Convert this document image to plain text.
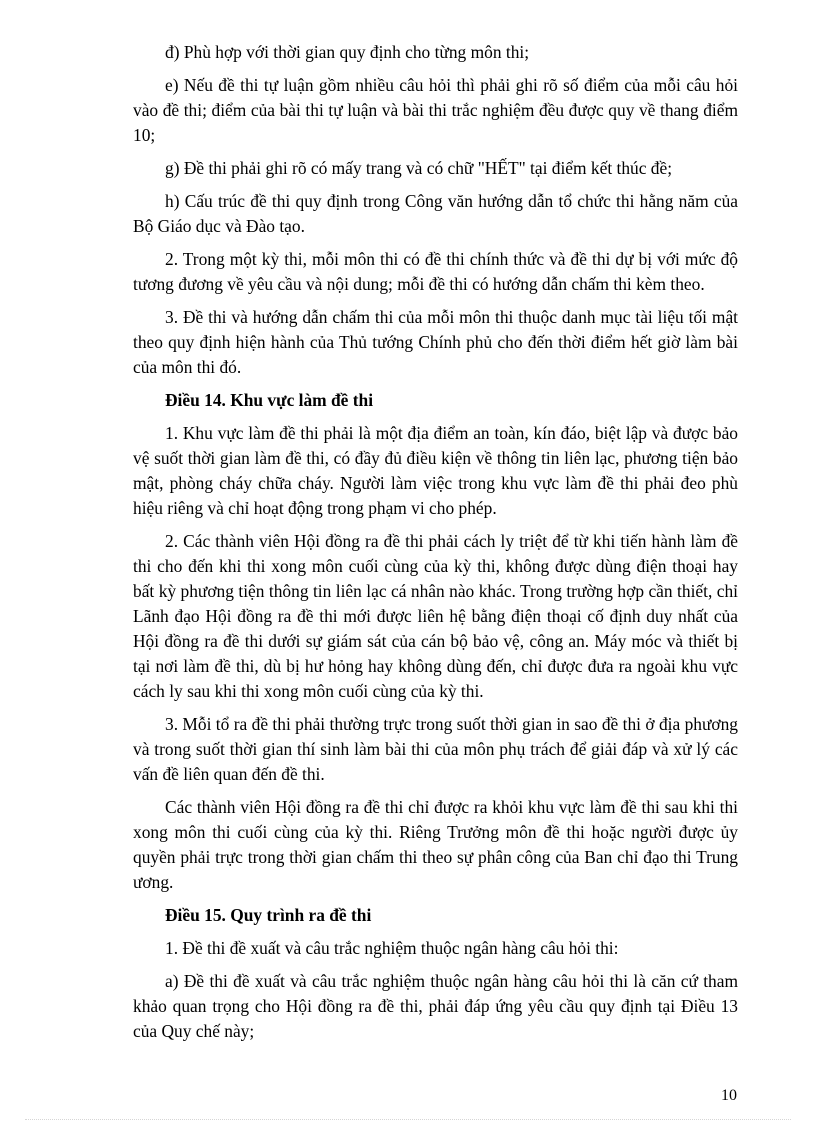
đ) Phù hợp với thời gian quy định cho từng môn thi;

e) Nếu đề thi tự luận gồm nhiều câu hỏi thì phải ghi rõ số điểm của mỗi câu hỏi vào đề thi; điểm của bài thi tự luận và bài thi trắc nghiệm đều được quy về thang điểm 10;

g) Đề thi phải ghi rõ có mấy trang và có chữ "HẾT" tại điểm kết thúc đề;

h) Cấu trúc đề thi quy định trong Công văn hướng dẫn tổ chức thi hằng năm của Bộ Giáo dục và Đào tạo.

2. Trong một kỳ thi, mỗi môn thi có đề thi chính thức và đề thi dự bị với mức độ tương đương về yêu cầu và nội dung; mỗi đề thi có hướng dẫn chấm thi kèm theo.

3. Đề thi và hướng dẫn chấm thi của mỗi môn thi thuộc danh mục tài liệu tối mật theo quy định hiện hành của Thủ tướng Chính phủ cho đến thời điểm hết giờ làm bài của môn thi đó.

Điều 14. Khu vực làm đề thi

1. Khu vực làm đề thi phải là một địa điểm an toàn, kín đáo, biệt lập và được bảo vệ suốt thời gian làm đề thi, có đầy đủ điều kiện về thông tin liên lạc, phương tiện bảo mật, phòng cháy chữa cháy. Người làm việc trong khu vực làm đề thi phải đeo phù hiệu riêng và chỉ hoạt động trong phạm vi cho phép.

2. Các thành viên Hội đồng ra đề thi phải cách ly triệt để từ khi tiến hành làm đề thi cho đến khi thi xong môn cuối cùng của kỳ thi, không được dùng điện thoại hay bất kỳ phương tiện thông tin liên lạc cá nhân nào khác. Trong trường hợp cần thiết, chỉ Lãnh đạo Hội đồng ra đề thi mới được liên hệ bằng điện thoại cố định duy nhất của Hội đồng ra đề thi dưới sự giám sát của cán bộ bảo vệ, công an. Máy móc và thiết bị tại nơi làm đề thi, dù bị hư hỏng hay không dùng đến, chỉ được đưa ra ngoài khu vực cách ly sau khi thi xong môn cuối cùng của kỳ thi.

3. Mỗi tổ ra đề thi phải thường trực trong suốt thời gian in sao đề thi ở địa phương và trong suốt thời gian thí sinh làm bài thi của môn phụ trách để giải đáp và xử lý các vấn đề liên quan đến đề thi.

Các thành viên Hội đồng ra đề thi chỉ được ra khỏi khu vực làm đề thi sau khi thi xong môn thi cuối cùng của kỳ thi. Riêng Trưởng môn đề thi hoặc người được ủy quyền phải trực trong thời gian chấm thi theo sự phân công của Ban chỉ đạo thi Trung ương.

Điều 15. Quy trình ra đề thi

1. Đề thi đề xuất và câu trắc nghiệm thuộc ngân hàng câu hỏi thi:

a) Đề thi đề xuất và câu trắc nghiệm thuộc ngân hàng câu hỏi thi là căn cứ tham khảo quan trọng cho Hội đồng ra đề thi, phải đáp ứng yêu cầu quy định tại Điều 13 của Quy chế này;

10
